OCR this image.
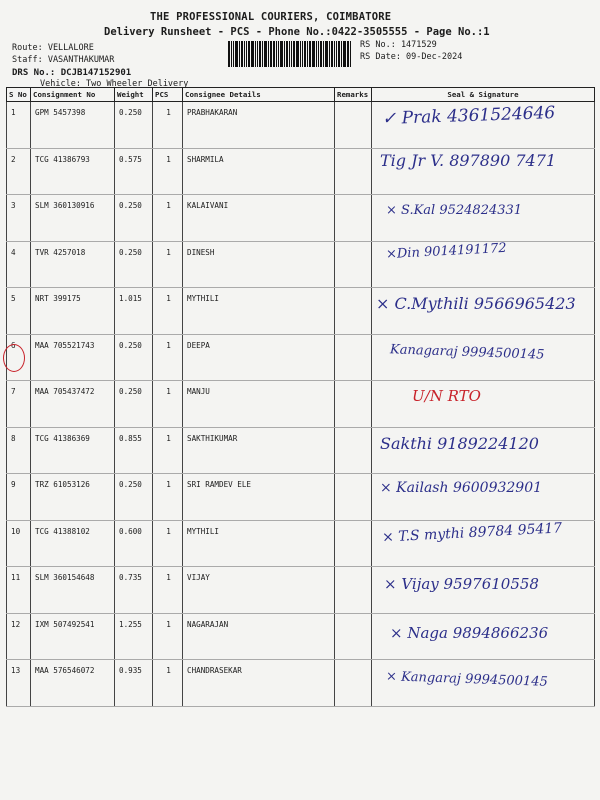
THE PROFESSIONAL COURIERS, COIMBATORE
Delivery Runsheet - PCS - Phone No.:0422-3505555 - Page No.:1
Route: VELLALORE
Staff: VASANTHAKUMAR
DRS No.: DCJB147152901
Vehicle: Two Wheeler Delivery
RS No.: 1471529
RS Date: 09-Dec-2024
S No	Consignment No	Weight	PCS	Consignee Details	Remarks	Seal & Signature
1	GPM 5457398	0.250	1	PRABHAKARAN		✓ Prak 4361524646

2	TCG 41386793	0.575	1	SHARMILA		Tig Jr V. 897890 7471

3	SLM 360130916	0.250	1	KALAIVANI		× S.Kal 9524824331

4	TVR 4257018	0.250	1	DINESH		×Din 9014191172

5	NRT 399175	1.015	1	MYTHILI		× C.Mythili 9566965423

6	MAA 705521743	0.250	1	DEEPA		Kanagaraj 9994500145

7	MAA 705437472	0.250	1	MANJU		U/N RTO

8	TCG 41386369	0.855	1	SAKTHIKUMAR		Sakthi 9189224120

9	TRZ 61053126	0.250	1	SRI RAMDEV ELE		× Kailash 9600932901

10	TCG 41388102	0.600	1	MYTHILI		× T.S mythi 89784 95417

11	SLM 360154648	0.735	1	VIJAY		× Vijay 9597610558

12	IXM 507492541	1.255	1	NAGARAJAN		× Naga 9894866236

13	MAA 576546072	0.935	1	CHANDRASEKAR		× Kangaraj 9994500145
